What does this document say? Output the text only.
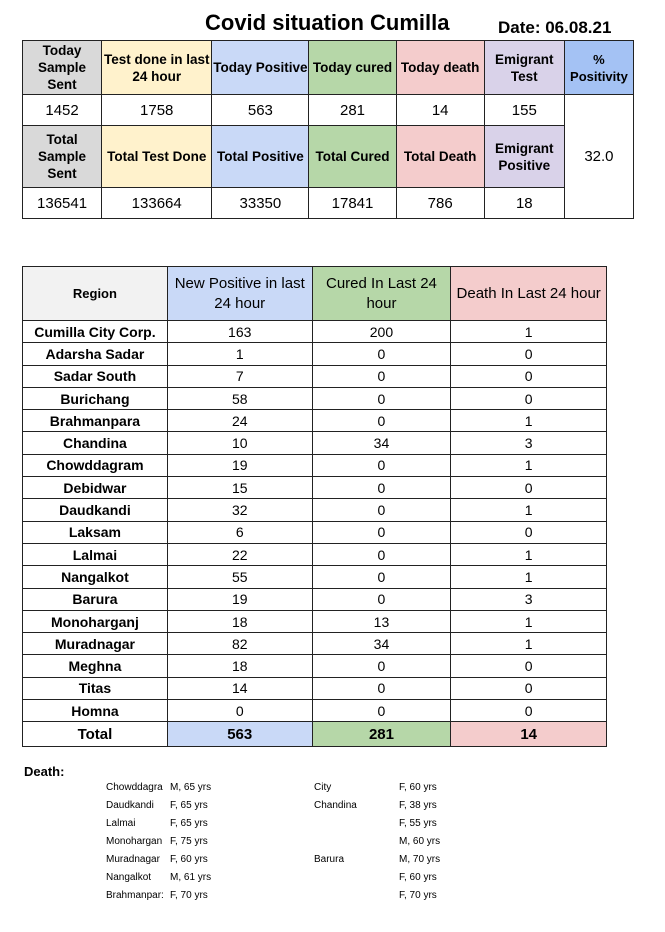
Covid situation Cumilla	Date: 06.08.21
Today Sample Sent	Test done in last 24 hour	Today Positive	Today cured	Today death	Emigrant Test	% Positivity
1452	1758	563	281	14	155	32.0
Total Sample Sent	Total Test Done	Total Positive	Total Cured	Total Death	Emigrant Positive	
136541	133664	33350	17841	786	18	
Region	New Positive in last 24 hour	Cured In Last 24 hour	Death In Last 24 hour
Cumilla City Corp.	163	200	1
Adarsha Sadar	1	0	0
Sadar South	7	0	0
Burichang	58	0	0
Brahmanpara	24	0	1
Chandina	10	34	3
Chowddagram	19	0	1
Debidwar	15	0	0
Daudkandi	32	0	1
Laksam	6	0	0
Lalmai	22	0	1
Nangalkot	55	0	1
Barura	19	0	3
Monoharganj	18	13	1
Muradnagar	82	34	1
Meghna	18	0	0
Titas	14	0	0
Homna	0	0	0
Total	563	281	14
Death:
Chowddagra M, 65 yrs
Daudkandi F, 65 yrs
Lalmai	F, 65 yrs
Monohargan F, 75 yrs
Muradnagar F, 60 yrs
Nangalkot M, 61 yrs
Brahmanpar: F, 70 yrs
City	F, 60 yrs
Chandina	F, 38 yrs
F, 55 yrs
M, 60 yrs
Barura	M, 70 yrs
F, 60 yrs
F, 70 yrs
